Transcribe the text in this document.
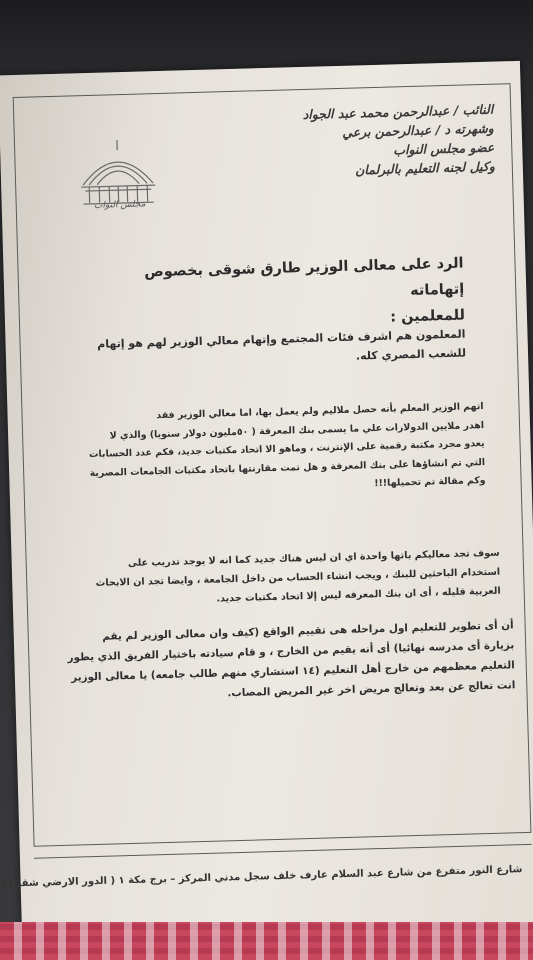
النائب / عبدالرحمن محمد عبد الجواد
وشهرته د / عبدالرحمن برعي
عضو مجلس النواب
وكيل لجنه التعليم بالبرلمان
مجلس النواب
الرد على معالى الوزير طارق شوقى بخصوص إتهاماته
للمعلمين :
المعلمون هم اشرف فئات المجتمع وإتهام معالي الوزير لهم هو إتهام
للشعب المصري كله.
اتهم الوزير المعلم بأنه حصل ملاليم ولم يعمل بها، اما معالي الوزير فقد
اهدر ملايين الدولارات علي ما يسمى بنك المعرفة ( ٥٠مليون دولار سنويا) والذي لا
يعدو مجرد مكتبة رقمية على الإنترنت ، وماهو الا اتحاد مكتبات جديد، فكم عدد الحسابات
التي تم انشاؤها على بنك المعرفة و هل تمت مقارنتها باتحاد مكتبات الجامعات المصرية
وكم مقالة تم تحميلها!!!
سوف تجد معاليكم باتها واحدة اي ان ليس هناك جديد كما انه لا يوجد تدريب على
استخدام الباحثين للبنك ، ويجب انشاء الحساب من داخل الجامعة ، وايضا تجد ان الابحاث
العربية قليله ، أى ان بنك المعرفه ليس إلا اتحاد مكتبات جديد.
أن أى تطوير للتعليم اول مراحله هى تقييم الواقع (كيف وان معالى الوزير لم يقم
بزيارة أى مدرسه نهائيا) أى أنه يقيم من الخارج ، و قام سيادته باختيار الفريق الذي يطور
التعليم معظمهم من خارج أهل التعليم (١٤ استشاري منهم طالب جامعه) يا معالى الوزير
انت تعالج عن بعد وتعالج مريض اخر غير المريض المصاب.
شارع النور متفرع من شارع عبد السلام عارف خلف سجل مدني المركز – برج مكة ١ ( الدور الارضي شقة ٦)
